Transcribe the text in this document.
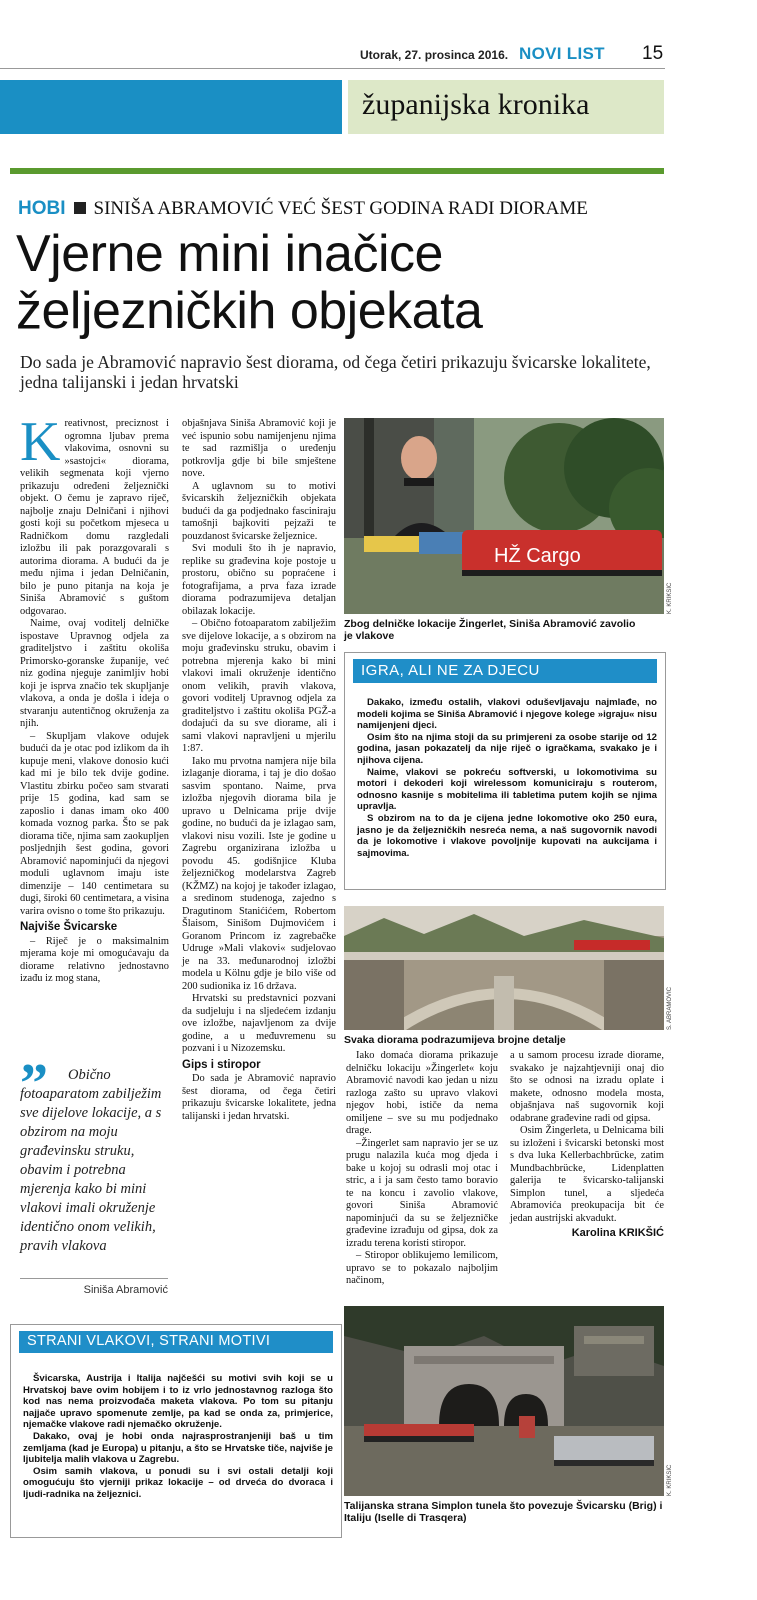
Utorak, 27. prosinca 2016. NOVI LIST 15
županijska kronika
HOBI SINIŠA ABRAMOVIĆ VEĆ ŠEST GODINA RADI DIORAME
Vjerne mini inačice
željezničkih objekata
Do sada je Abramović napravio šest diorama, od čega četiri prikazuju švicarske lokalitete, jedna talijanski i jedan hrvatski
K reativnost, preciznost i ogromna ljubav prema vlakovima, osnovni su »sastojci« diorama, velikih segmenata koji vjerno prikazuju određeni željeznički objekt. O čemu je zapravo riječ, najbolje znaju Delničani i njihovi gosti koji su početkom mjeseca u Radničkom domu razgledali izložbu ili pak porazgovarali s autorima diorama. A budući da je među njima i jedan Delničanin, bilo je puno pitanja na koja je Siniša Abramović s guštom odgovarao.

Naime, ovaj voditelj delničke ispostave Upravnog odjela za graditeljstvo i zaštitu okoliša Primorsko-goranske županije, već niz godina njeguje zanimljiv hobi koji je isprva značio tek skupljanje vlakova, a onda je došla i ideja o stvaranju autentičnog okruženja za njih.

– Skupljam vlakove odujek budući da je otac pod izlikom da ih kupuje meni, vlakove donosio kući kad mi je bilo tek dvije godine. Vlastitu zbirku počeo sam stvarati prije 15 godina, kad sam se zaposlio i danas imam oko 400 komada voznog parka. Što se pak diorama tiče, njima sam zaokupljen posljednjih šest godina, govori Abramović napominjući da njegovi moduli uglavnom imaju iste dimenzije – 140 centimetara su dugi, široki 60 centimetara, a visina varira ovisno o tome što prikazuju.

Najviše Švicarske

– Riječ je o maksimalnim mjerama koje mi omogućavaju da diorame relativno jednostavno izađu iz mog stana,

”	Obično fotoaparatom zabilježim sve dijelove lokacije, a s obzirom na moju građevinsku struku, obavim i potrebna mjerenja kako bi mini vlakovi imali okruženje identično onom velikih, pravih vlakova
Siniša Abramović

objašnjava Siniša Abramović koji je već ispunio sobu namijenjenu njima te sad razmišlja o uređenju potkrovlja gdje bi bile smještene nove.

A uglavnom su to motivi švicarskih željezničkih objekata budući da ga podjednako fasciniraju tamošnji bajkoviti pejzaži te pouzdanost švicarske željeznice.

Svi moduli što ih je napravio, replike su građevina koje postoje u prostoru, obično su popraćene i fotografijama, a prva faza izrade diorama podrazumijeva detaljan obilazak lokacije.

– Obično fotoaparatom zabilježim sve dijelove lokacije, a s obzirom na moju građevinsku struku, obavim i potrebna mjerenja kako bi mini vlakovi imali okruženje identično onom velikih, pravih vlakova, govori voditelj Upravnog odjela za graditeljstvo i zaštitu okoliša PGŽ-a dodajući da su sve diorame, ali i sami vlakovi napravljeni u mjerilu 1:87.

Iako mu prvotna namjera nije bila izlaganje diorama, i taj je dio došao sasvim spontano. Naime, prva izložba njegovih diorama bila je upravo u Delnicama prije dvije godine, no budući da je izlagao sam, vlakovi nisu vozili. Iste je godine u Zagrebu organizirana izložba u povodu 45. godišnjice Kluba željezničkog modelarstva Zagreb (KŽMZ) na kojoj je također izlagao, a sredinom studenoga, zajedno s Dragutinom Stanićićem, Robertom Šlaisom, Sinišom Dujmovićem i Goranom Princom iz zagrebačke Udruge »Mali vlakovi« sudjelovao je na 33. međunarodnoj izložbi modela u Kölnu gdje je bilo više od 200 sudionika iz 16 država.

Hrvatski su predstavnici pozvani da sudjeluju i na sljedećem izdanju ove izložbe, najavljenom za dvije godine, a u međuvremenu su pozvani i u Nizozemsku.

Gips i stiropor

Do sada je Abramović napravio šest diorama, od čega četiri prikazuju švicarske lokalitete, jedna talijanski i jedan hrvatski.

HŽ Cargo
K. KRIKŠIĆ
Zbog delničke lokacije Žingerlet, Siniša Abramović zavolio je vlakove
IGRA, ALI NE ZA DJECU

Dakako, između ostalih, vlakovi oduševljavaju najmlađe, no modeli kojima se Siniša Abramović i njegove kolege »igraju« nisu namijenjeni djeci.

Osim što na njima stoji da su primjereni za osobe starije od 12 godina, jasan pokazatelj da nije riječ o igračkama, svakako je i njihova cijena.

Naime, vlakovi se pokreću softverski, u lokomotivima su motori i dekoderi koji wirelessom komuniciraju s routerom, odnosno kasnije s mobitelima ili tabletima putem kojih se njima upravlja.

S obzirom na to da je cijena jedne lokomotive oko 250 eura, jasno je da željezničkih nesreća nema, a naš sugovornik navodi da je lokomotive i vlakove povoljnije kupovati na aukcijama i sajmovima.

S. ABRAMOVIĆ
Svaka diorama podrazumijeva brojne detalje

Iako domaća diorama prikazuje delničku lokaciju »Žingerlet« koju Abramović navodi kao jedan u nizu razloga zašto su upravo vlakovi njegov hobi, ističe da nema omiljene – sve su mu podjednako drage.

–Žingerlet sam napravio jer se uz prugu nalazila kuća mog djeda i bake u kojoj su odrasli moj otac i stric, a i ja sam često tamo boravio te na koncu i zavolio vlakove, govori Siniša Abramović napominjući da su se željezničke građevine izrađuju od gipsa, dok za izradu terena koristi stiropor.

– Stiropor oblikujemo lemilicom, upravo se to pokazalo najboljim načinom,

a u samom procesu izrade diorame, svakako je najzahtjevniji onaj dio što se odnosi na izradu oplate i makete, odnosno modela mosta, objašnjava naš sugovornik koji odabrane građevine radi od gipsa.

Osim Žingerleta, u Delnicama bili su izloženi i švicarski betonski most s dva luka Kellerbachbrücke, zatim Mundbachbrücke, Lidenplatten galerija te švicarsko-talijanski Simplon tunel, a sljedeća Abramovića preokupacija bit će jedan austrijski akvadukt.

Karolina KRIKŠIĆ
STRANI VLAKOVI, STRANI MOTIVI

Švicarska, Austrija i Italija najčešći su motivi svih koji se u Hrvatskoj bave ovim hobijem i to iz vrlo jednostavnog razloga što kod nas nema proizvođača maketa vlakova. Po tom su pitanju najjače upravo spomenute zemlje, pa kad se onda za, primjerice, njemačke vlakove radi njemačko okruženje.

Dakako, ovaj je hobi onda najrasprostranjeniji baš u tim zemljama (kad je Europa) u pitanju, a što se Hrvatske tiče, najviše je ljubitelja malih vlakova u Zagrebu.

Osim samih vlakova, u ponudi su i svi ostali detalji koji omogućuju što vjerniji prikaz lokacije – od drveća do dvoraca i ljudi-radnika na željeznici.	K. KRIKŠIĆ
Talijanska strana Simplon tunela što povezuje Švicarsku (Brig) i Italiju (Iselle di Trasqera)
